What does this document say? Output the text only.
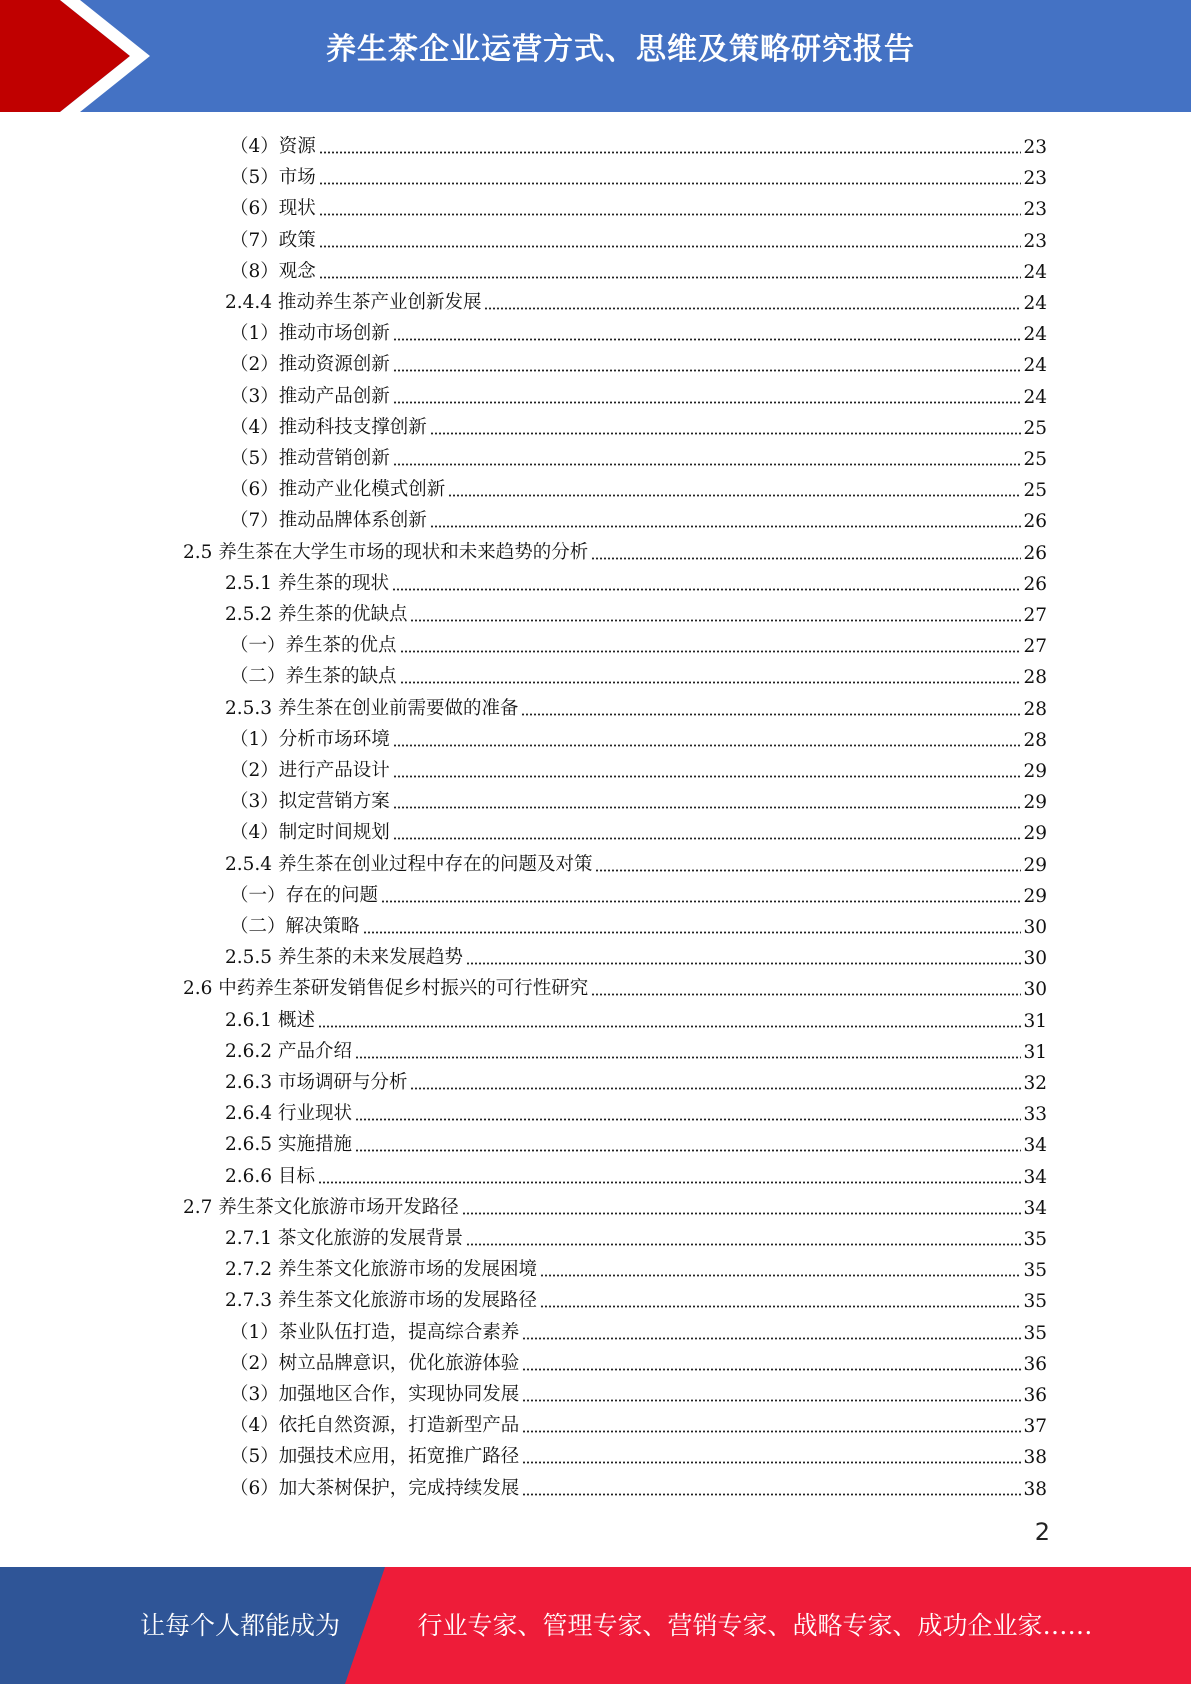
养生茶企业运营方式、思维及策略研究报告
（4）资源	23
（5）市场	23
（6）现状	23
（7）政策	23
（8）观念	24
2.4.4 推动养生茶产业创新发展	24
（1）推动市场创新	24
（2）推动资源创新	24
（3）推动产品创新	24
（4）推动科技支撑创新	25
（5）推动营销创新	25
（6）推动产业化模式创新	25
（7）推动品牌体系创新	26
2.5 养生茶在大学生市场的现状和未来趋势的分析	26
2.5.1 养生茶的现状	26
2.5.2 养生茶的优缺点	27
（一）养生茶的优点	27
（二）养生茶的缺点	28
2.5.3 养生茶在创业前需要做的准备	28
（1）分析市场环境	28
（2）进行产品设计	29
（3）拟定营销方案	29
（4）制定时间规划	29
2.5.4 养生茶在创业过程中存在的问题及对策	29
（一）存在的问题	29
（二）解决策略	30
2.5.5 养生茶的未来发展趋势	30
2.6 中药养生茶研发销售促乡村振兴的可行性研究	30
2.6.1 概述	31
2.6.2 产品介绍	31
2.6.3 市场调研与分析	32
2.6.4 行业现状	33
2.6.5 实施措施	34
2.6.6 目标	34
2.7 养生茶文化旅游市场开发路径	34
2.7.1 茶文化旅游的发展背景	35
2.7.2 养生茶文化旅游市场的发展困境	35
2.7.3 养生茶文化旅游市场的发展路径	35
（1）茶业队伍打造，提高综合素养	35
（2）树立品牌意识，优化旅游体验	36
（3）加强地区合作，实现协同发展	36
（4）依托自然资源，打造新型产品	37
（5）加强技术应用，拓宽推广路径	38
（6）加大茶树保护，完成持续发展	38
2
让每个人都能成为	行业专家、管理专家、营销专家、战略专家、成功企业家……
